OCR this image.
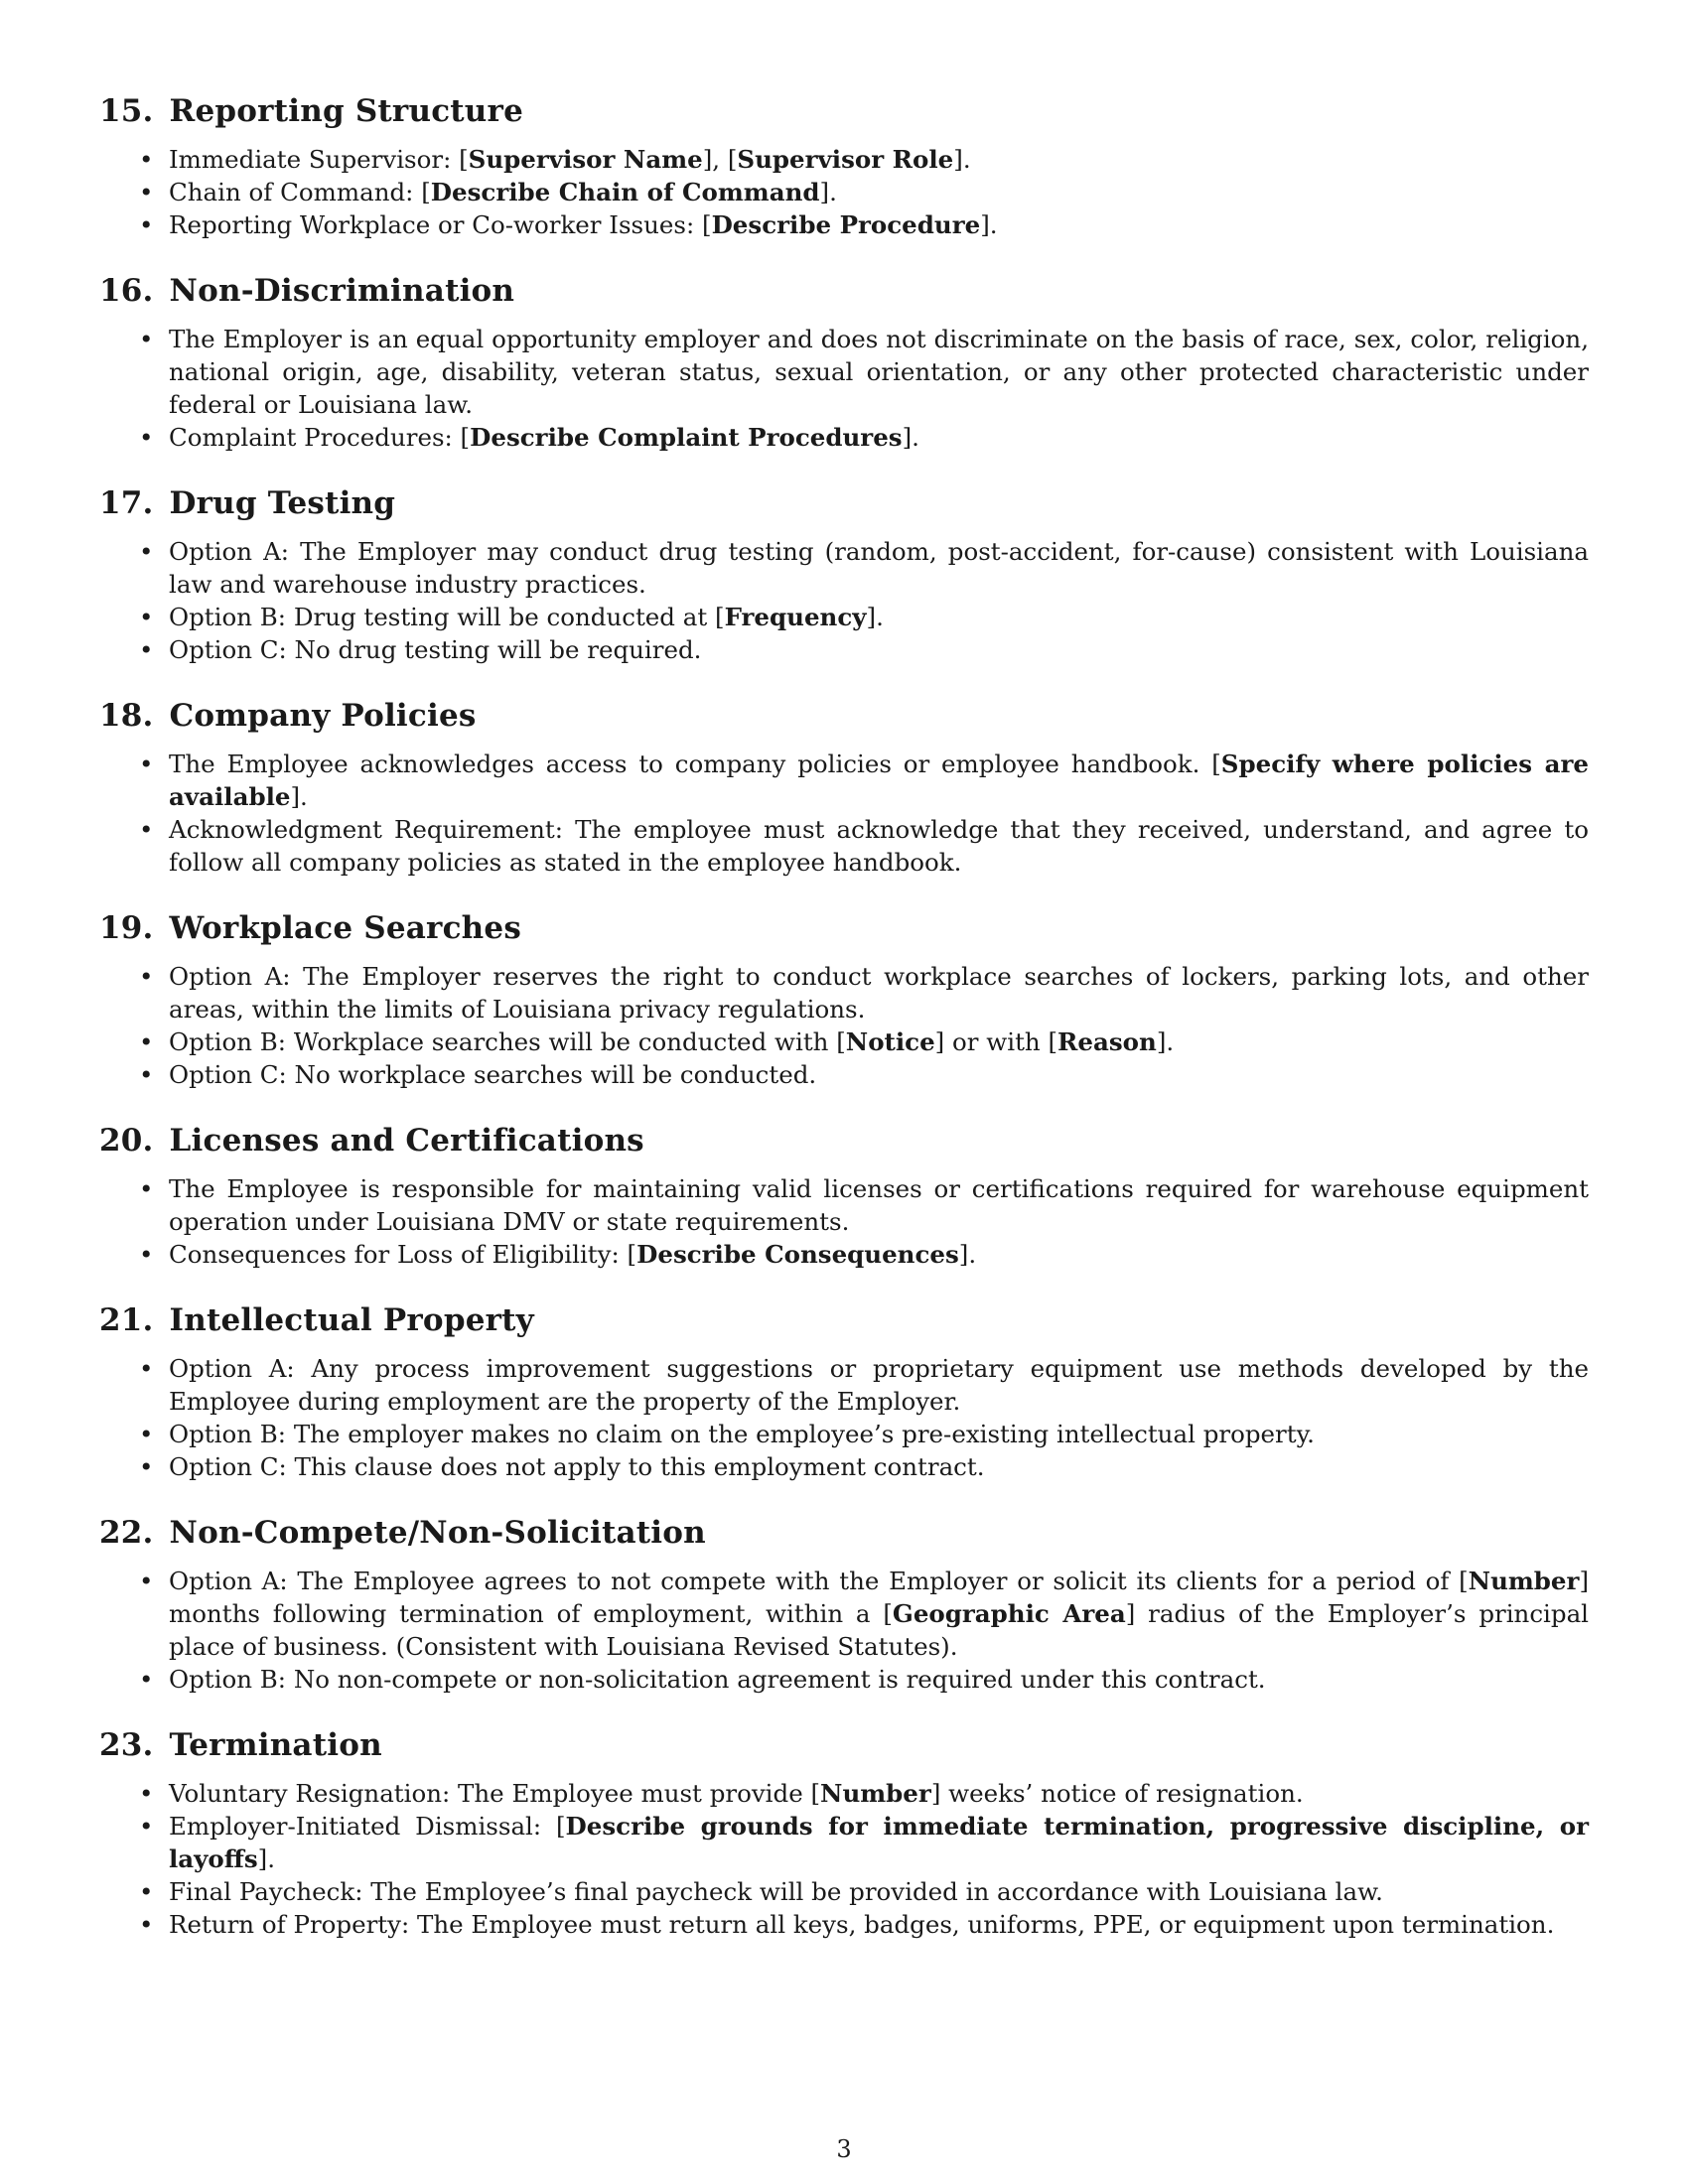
15. Reporting Structure
• Immediate Supervisor: [Supervisor Name], [Supervisor Role].
• Chain of Command: [Describe Chain of Command].
• Reporting Workplace or Co-worker Issues: [Describe Procedure].
16. Non-Discrimination
• The Employer is an equal opportunity employer and does not discriminate on the basis of race, sex, color, religion, national origin, age, disability, veteran status, sexual orientation, or any other protected characteristic under federal or Louisiana law.
• Complaint Procedures: [Describe Complaint Procedures].
17. Drug Testing
• Option A: The Employer may conduct drug testing (random, post-accident, for-cause) consistent with Louisiana law and warehouse industry practices.
• Option B: Drug testing will be conducted at [Frequency].
• Option C: No drug testing will be required.
18. Company Policies
• The Employee acknowledges access to company policies or employee handbook. [Specify where policies are available].
• Acknowledgment Requirement: The employee must acknowledge that they received, understand, and agree to follow all company policies as stated in the employee handbook.
19. Workplace Searches
• Option A: The Employer reserves the right to conduct workplace searches of lockers, parking lots, and other areas, within the limits of Louisiana privacy regulations.
• Option B: Workplace searches will be conducted with [Notice] or with [Reason].
• Option C: No workplace searches will be conducted.
20. Licenses and Certifications
• The Employee is responsible for maintaining valid licenses or certifications required for warehouse equipment operation under Louisiana DMV or state requirements.
• Consequences for Loss of Eligibility: [Describe Consequences].
21. Intellectual Property
• Option A: Any process improvement suggestions or proprietary equipment use methods developed by the Employee during employment are the property of the Employer.
• Option B: The employer makes no claim on the employee’s pre-existing intellectual property.
• Option C: This clause does not apply to this employment contract.
22. Non-Compete/Non-Solicitation
• Option A: The Employee agrees to not compete with the Employer or solicit its clients for a period of [Number] months following termination of employment, within a [Geographic Area] radius of the Employer’s principal place of business. (Consistent with Louisiana Revised Statutes).
• Option B: No non-compete or non-solicitation agreement is required under this contract.
23. Termination
• Voluntary Resignation: The Employee must provide [Number] weeks’ notice of resignation.
• Employer-Initiated Dismissal: [Describe grounds for immediate termination, progressive discipline, or layoffs].
• Final Paycheck: The Employee’s final paycheck will be provided in accordance with Louisiana law.
• Return of Property: The Employee must return all keys, badges, uniforms, PPE, or equipment upon termination.
3
